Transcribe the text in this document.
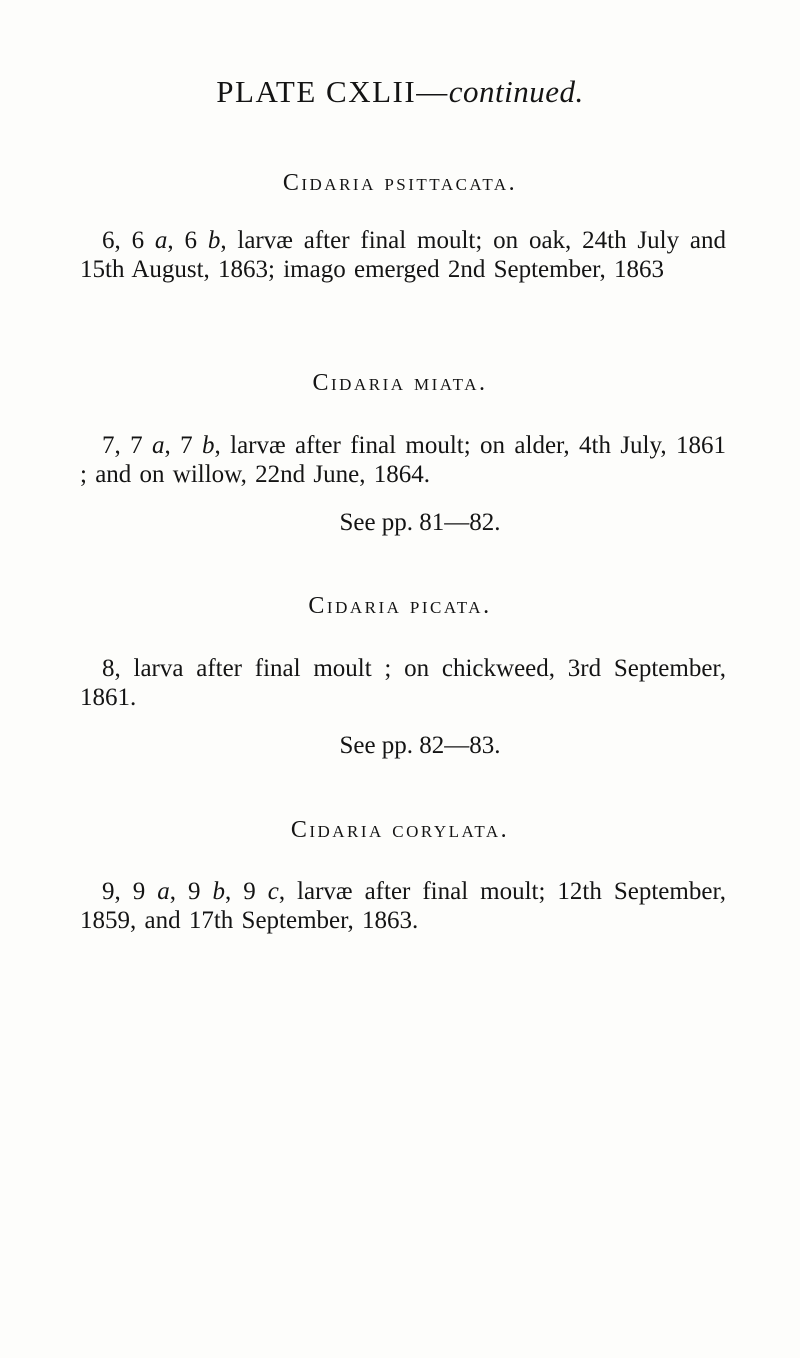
PLATE CXLII—continued.
Cidaria psittacata.
6, 6 a, 6 b, larvæ after final moult; on oak, 24th July and 15th August, 1863; imago emerged 2nd September, 1863
Cidaria miata.
7, 7 a, 7 b, larvæ after final moult; on alder, 4th July, 1861 ; and on willow, 22nd June, 1864.
See pp. 81—82.
Cidaria picata.
8, larva after final moult ; on chickweed, 3rd September, 1861.
See pp. 82—83.
Cidaria corylata.
9, 9 a, 9 b, 9 c, larvæ after final moult; 12th September, 1859, and 17th September, 1863.
